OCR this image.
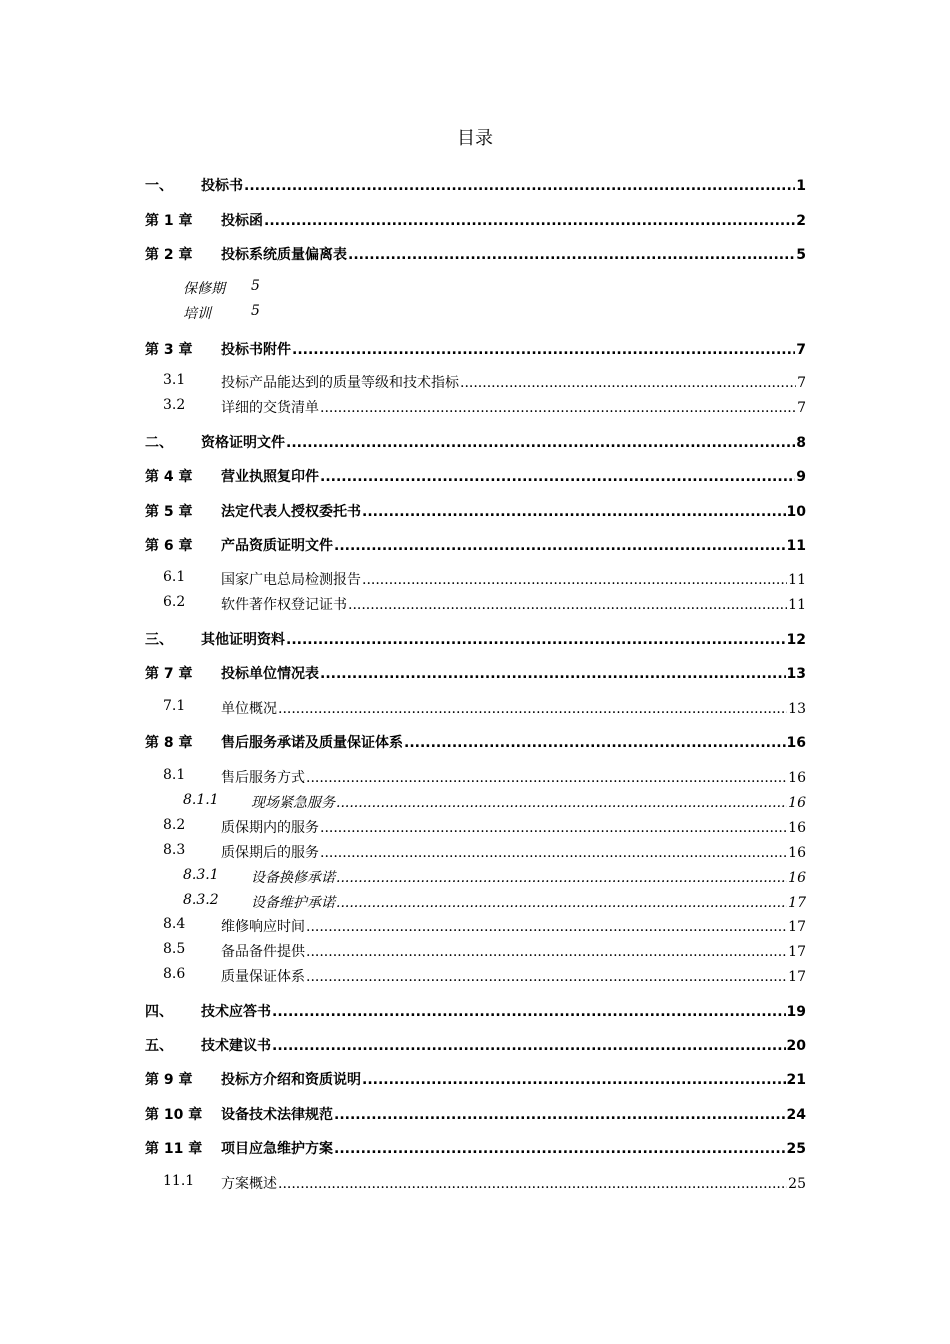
目录
一、	投标书 .....	1
第 1 章	投标函 .....	2
第 2 章	投标系统质量偏离表 .....	5
保修期 5
培训	5
第 3 章	投标书附件 .....	7
3.1	投标产品能达到的质量等级和技术指标 .....	7
3.2	详细的交货清单 .....	7
二、	资格证明文件 .....	8
第 4 章	营业执照复印件 .....	9
第 5 章	法定代表人授权委托书 .....	10
第 6 章	产品资质证明文件 .....	11
6.1	国家广电总局检测报告 .....	11
6.2	软件著作权登记证书 .....	11
三、	其他证明资料 .....	12
第 7 章	投标单位情况表 .....	13
7.1	单位概况 .....	13
第 8 章	售后服务承诺及质量保证体系 .....	16
8.1	售后服务方式 .....	16
8.1.1	现场紧急服务 .....	16
8.2	质保期内的服务 .....	16
8.3	质保期后的服务 .....	16
8.3.1	设备换修承诺 .....	16
8.3.2	设备维护承诺 .....	17
8.4	维修响应时间 .....	17
8.5	备品备件提供 .....	17
8.6	质量保证体系 .....	17
四、	技术应答书 .....	19
五、	技术建议书 .....	20
第 9 章	投标方介绍和资质说明 .....	21
第 10 章	设备技术法律规范 .....	24
第 11 章	项目应急维护方案 .....	25
11.1	方案概述 .....	25
